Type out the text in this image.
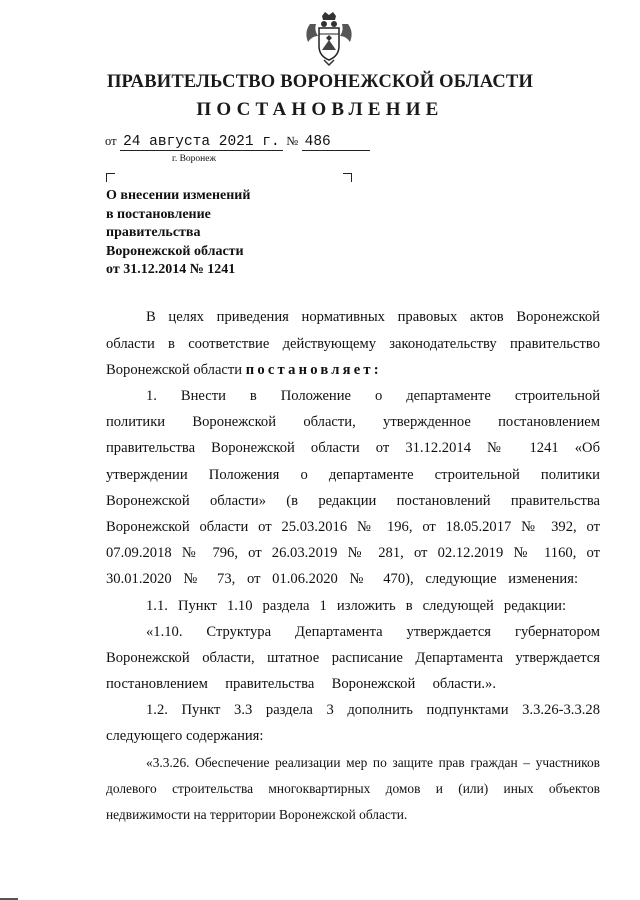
ПРАВИТЕЛЬСТВО ВОРОНЕЖСКОЙ ОБЛАСТИ
ПОСТАНОВЛЕНИЕ
от 24 августа 2021 г. № 486
г. Воронеж
О внесении изменений
в постановление
правительства
Воронежской области
от 31.12.2014 № 1241
В целях приведения нормативных правовых актов Воронежской
области в соответствие действующему законодательству правительство
Воронежской области постановляет:
1. Внести в Положение о департаменте строительной
политики Воронежской области, утвержденное постановлением
правительства Воронежской области от 31.12.2014 № 1241 «Об
утверждении Положения о департаменте строительной политики
Воронежской области» (в редакции постановлений правительства
Воронежской области от 25.03.2016 № 196, от 18.05.2017 № 392, от
07.09.2018 № 796, от 26.03.2019 № 281, от 02.12.2019 № 1160, от
30.01.2020 № 73, от 01.06.2020 № 470), следующие изменения:
1.1. Пункт 1.10 раздела 1 изложить в следующей редакции:
«1.10. Структура Департамента утверждается губернатором
Воронежской области, штатное расписание Департамента утверждается
постановлением правительства Воронежской области.».
1.2. Пункт 3.3 раздела 3 дополнить подпунктами 3.3.26-3.3.28
следующего содержания:
«3.3.26. Обеспечение реализации мер по защите прав граждан – участников
долевого строительства многоквартирных домов и (или) иных объектов
недвижимости на территории Воронежской области.
